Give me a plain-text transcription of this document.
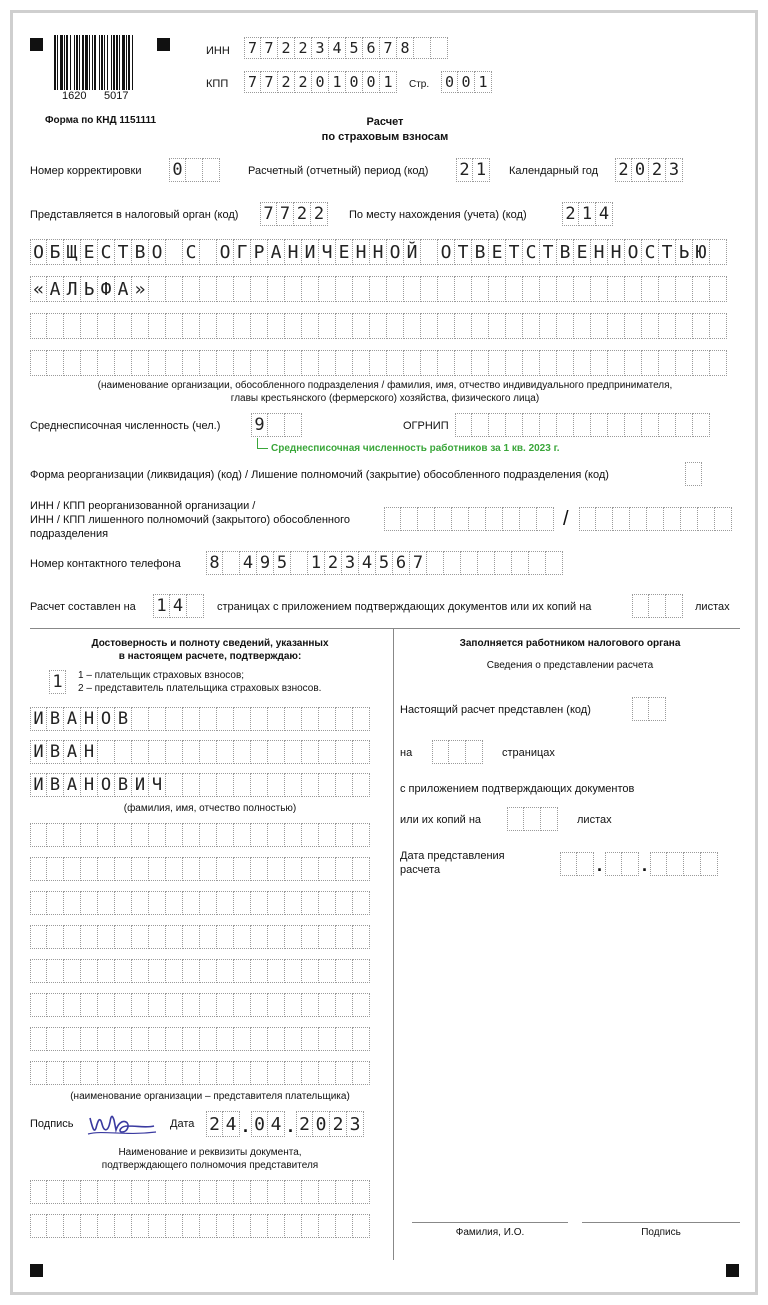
1620 5017
Форма по КНД 1151111
ИНН 7 7 2 2 3 4 5 6 7 8
КПП 7 7 2 2 0 1 0 0 1	Стр. 0 0 1
Расчет
по страховым взносам
Номер корректировки 0	Расчетный (отчетный) период (код) 2 1	Календарный год 2 0 2 3
Представляется в налоговый орган (код) 7 7 2 2	По месту нахождения (учета) (код) 2 1 4
О Б Щ Е С Т В О С О Г Р А Н И Ч Е Н Н О Й О Т В Е Т С Т В Е Н Н О С Т Ь Ю
« А Л Ь Ф А »
(наименование организации, обособленного подразделения / фамилия, имя, отчество индивидуального предпринимателя,
главы крестьянского (фермерского) хозяйства, физического лица)
Среднесписочная численность (чел.) 9
Среднесписочная численность работников за 1 кв. 2023 г.
ОГРНИП
Форма реорганизации (ликвидация) (код) / Лишение полномочий (закрытие) обособленного подразделения (код)
ИНН / КПП реорганизованной организации /
ИНН / КПП лишенного полномочий (закрытого) обособленного
подразделения
/
Номер контактного телефона 8 4 9 5 1 2 3 4 5 6 7
Расчет составлен на 1 4	страницах с приложением подтверждающих документов или их копий на	листах
Достоверность и полноту сведений, указанных
в настоящем расчете, подтверждаю:
1	1 – плательщик страховых взносов;
2 – представитель плательщика страховых взносов.
И В А Н О В
И В А Н
И В А Н О В И Ч
(фамилия, имя, отчество полностью)
(наименование организации – представителя плательщика)
Подпись	Дата 2 4 . 0 4 . 2 0 2 3
Наименование и реквизиты документа,
подтверждающего полномочия представителя
Заполняется работником налогового органа
Сведения о представлении расчета
Настоящий расчет представлен (код)
на	страницах
с приложением подтверждающих документов
или их копий на	листах
Дата представления
расчета	. .
Фамилия, И.О.	Подпись
